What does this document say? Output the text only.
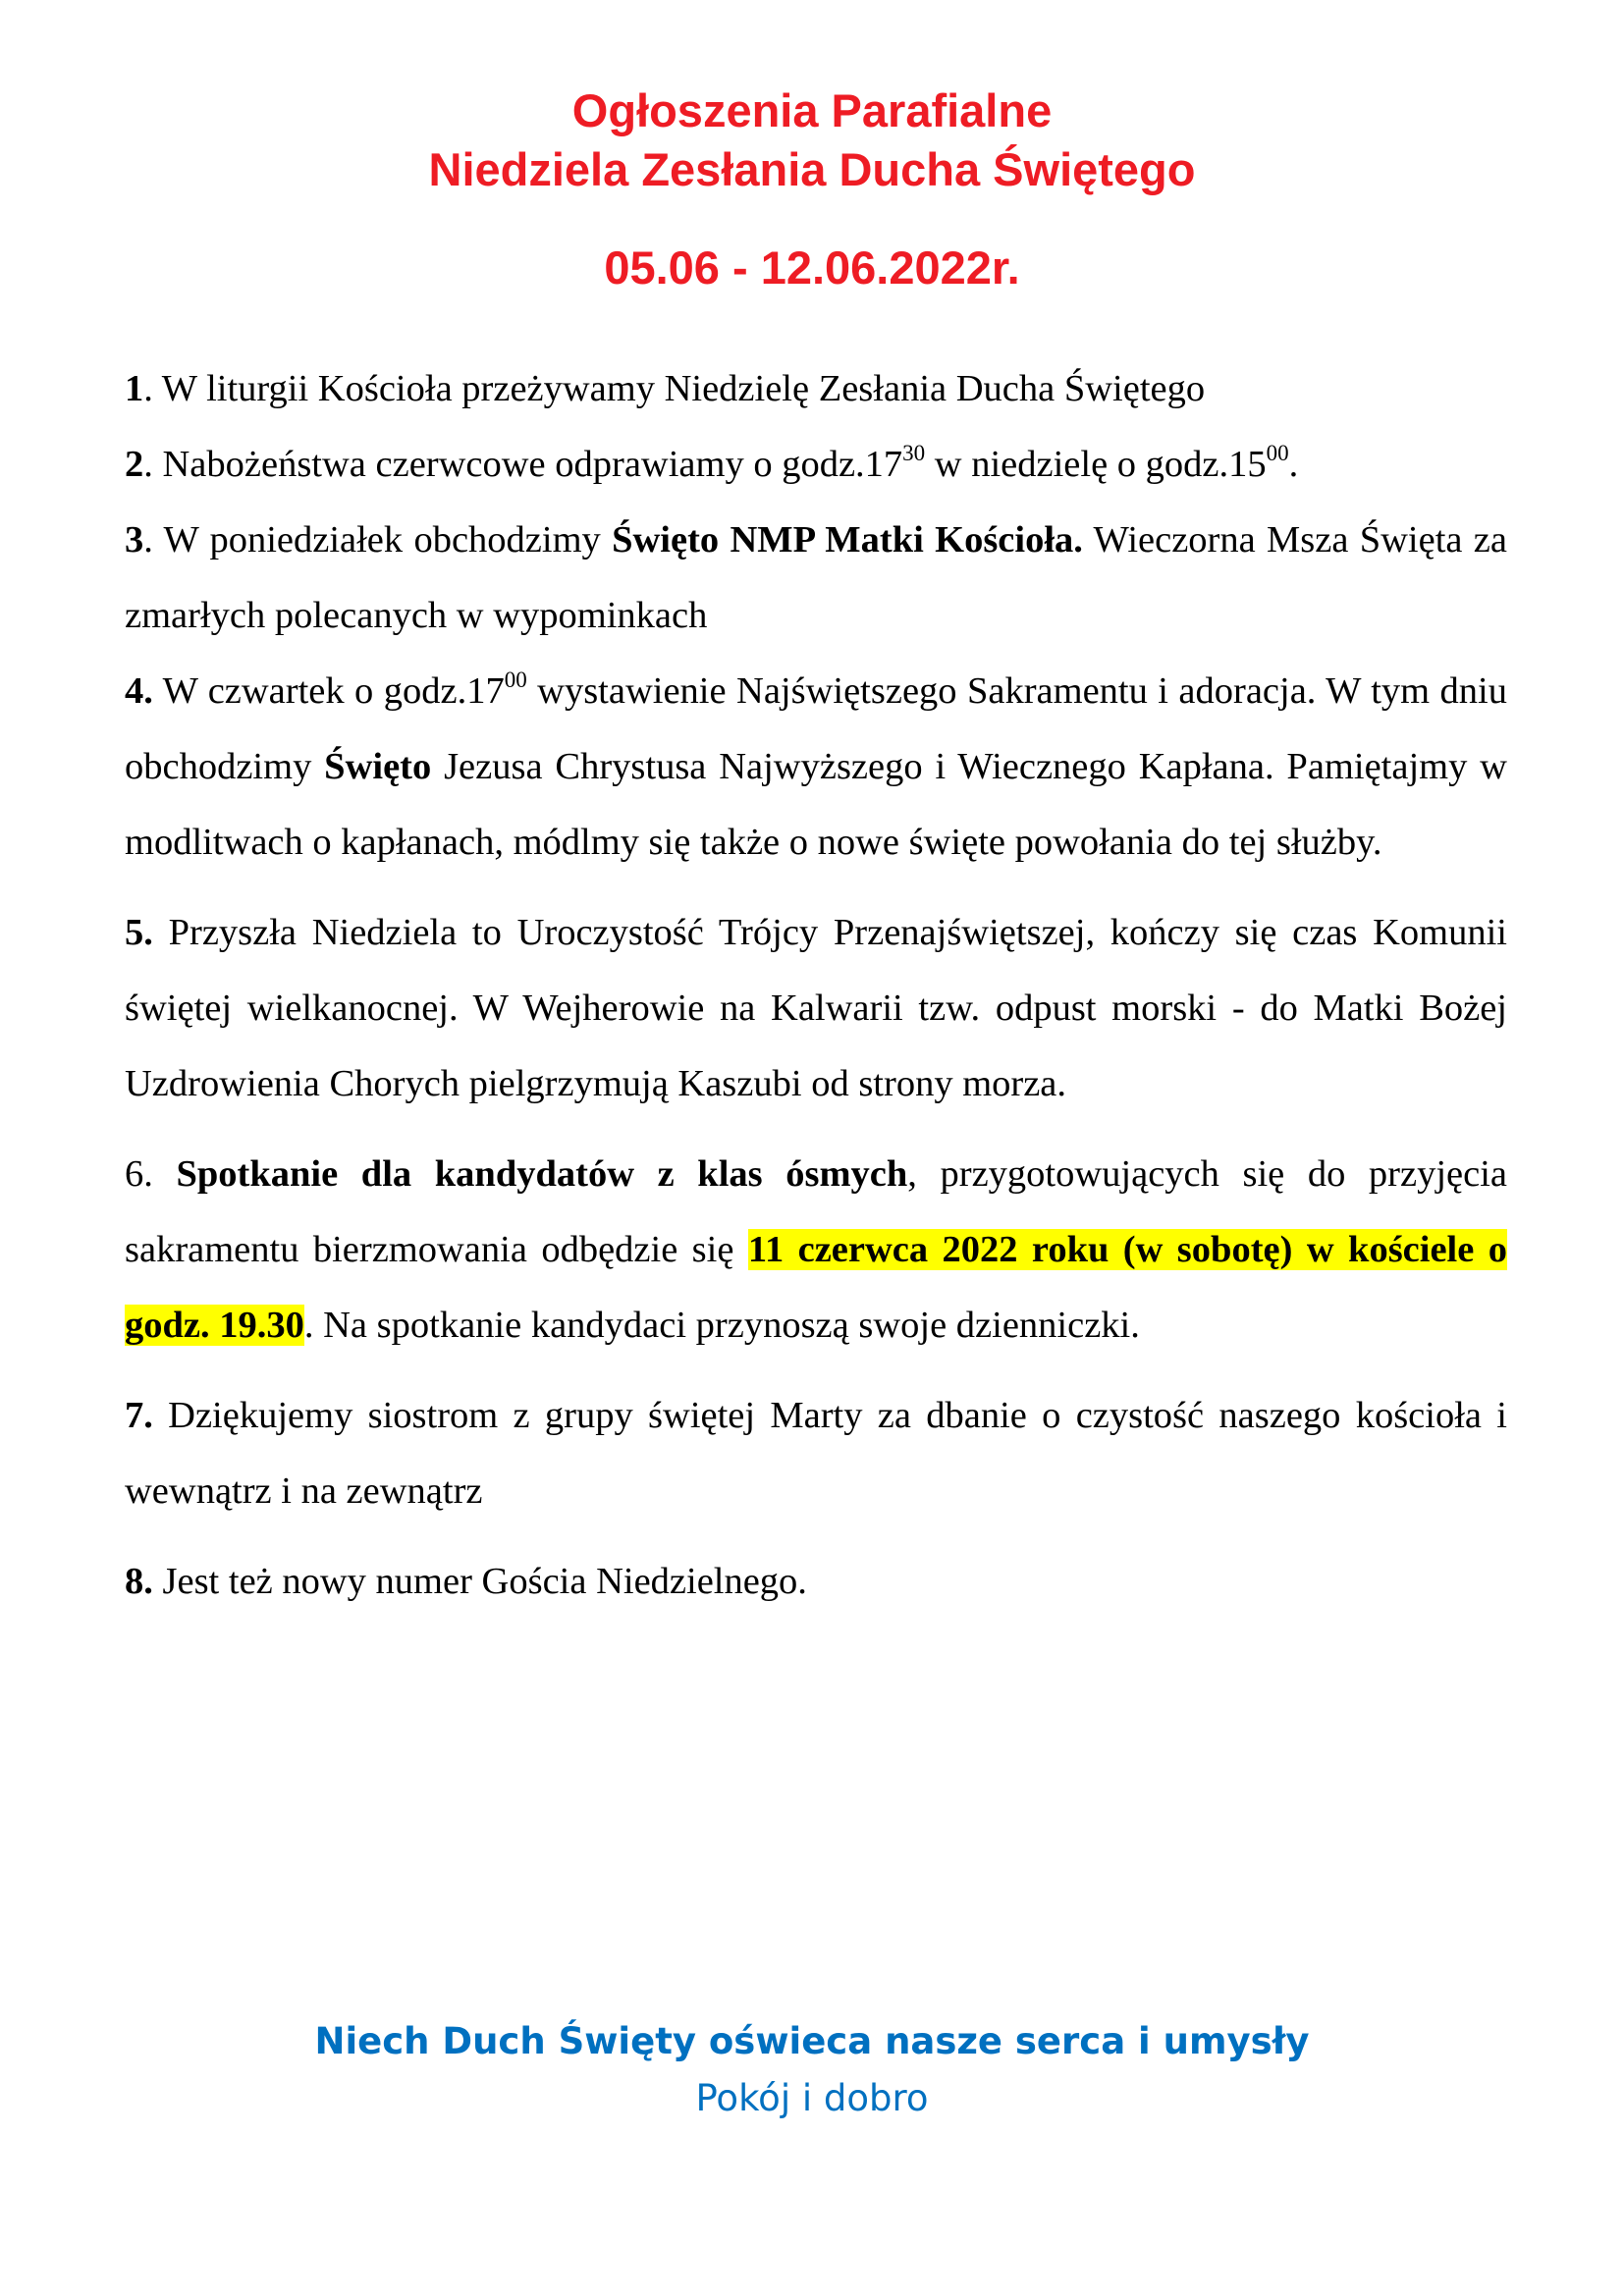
Ogłoszenia Parafialne
Niedziela Zesłania Ducha Świętego
05.06 - 12.06.2022r.

1. W liturgii Kościoła przeżywamy Niedzielę Zesłania Ducha Świętego

2. Nabożeństwa czerwcowe odprawiamy o $godz.17^{30}$ w niedzielę o $godz.15^{00}$.

3. W poniedziałek obchodzimy Święto NMP Matki Kościoła. Wieczorna Msza Święta za zmarłych polecanych w wypominkach

4. W czwartek o $godz.17^{00}$ wystawienie Najświętszego Sakramentu i adoracja. W tym dniu obchodzimy Święto Jezusa Chrystusa Najwyższego i Wiecznego Kapłana. Pamiętajmy w modlitwach o kapłanach, módlmy się także o nowe święte powołania do tej służby.

5. Przyszła Niedziela to Uroczystość Trójcy Przenajświętszej, kończy się czas Komunii świętej wielkanocnej. W Wejherowie na Kalwarii tzw. odpust morski - do Matki Bożej Uzdrowienia Chorych pielgrzymują Kaszubi od strony morza.

6. Spotkanie dla kandydatów z klas ósmych, przygotowujących się do przyjęcia sakramentu bierzmowania odbędzie się 11 czerwca 2022 roku (w sobotę) w kościele o godz. 19.30. Na spotkanie kandydaci przynoszą swoje dzienniczki.

7. Dziękujemy siostrom z grupy świętej Marty za dbanie o czystość naszego kościoła i wewnątrz i na zewnątrz

8. Jest też nowy numer Gościa Niedzielnego.

Niech Duch Święty oświeca nasze serca i umysły
Pokój i dobro
